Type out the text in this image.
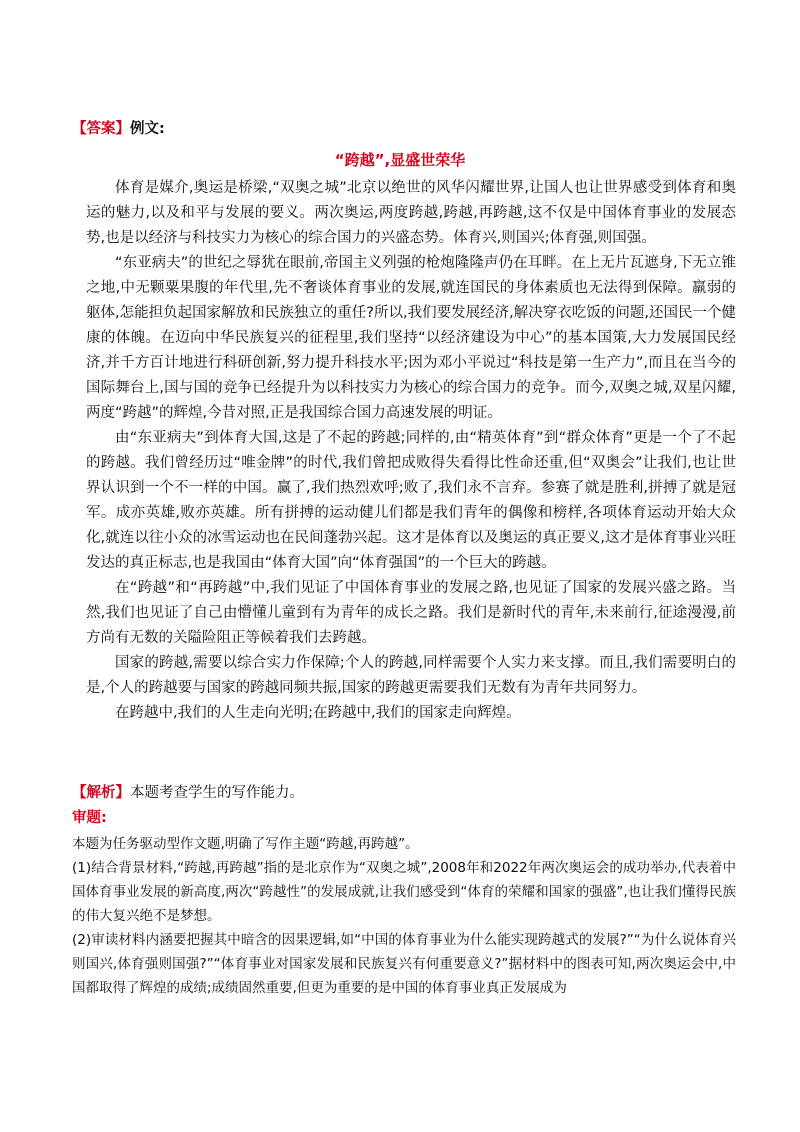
【答案】例文:
“跨越”,显盛世荣华

体育是媒介,奥运是桥梁,“双奥之城”北京以绝世的风华闪耀世界,让国人也让世界感受到体育和奥运的魅力,以及和平与发展的要义。两次奥运,两度跨越,跨越,再跨越,这不仅是中国体育事业的发展态势,也是以经济与科技实力为核心的综合国力的兴盛态势。体育兴,则国兴;体育强,则国强。

“东亚病夫”的世纪之辱犹在眼前,帝国主义列强的枪炮隆隆声仍在耳畔。在上无片瓦遮身,下无立锥之地,中无颗粟果腹的年代里,先不奢谈体育事业的发展,就连国民的身体素质也无法得到保障。羸弱的躯体,怎能担负起国家解放和民族独立的重任?所以,我们要发展经济,解决穿衣吃饭的问题,还国民一个健康的体魄。在迈向中华民族复兴的征程里,我们坚持“以经济建设为中心”的基本国策,大力发展国民经济,并千方百计地进行科研创新,努力提升科技水平;因为邓小平说过“科技是第一生产力”,而且在当今的国际舞台上,国与国的竞争已经提升为以科技实力为核心的综合国力的竞争。而今,双奥之城,双星闪耀,两度“跨越”的辉煌,今昔对照,正是我国综合国力高速发展的明证。

由“东亚病夫”到体育大国,这是了不起的跨越;同样的,由“精英体育”到“群众体育”更是一个了不起的跨越。我们曾经历过“唯金牌”的时代,我们曾把成败得失看得比性命还重,但“双奥会”让我们,也让世界认识到一个不一样的中国。赢了,我们热烈欢呼;败了,我们永不言弃。参赛了就是胜利,拼搏了就是冠军。成亦英雄,败亦英雄。所有拼搏的运动健儿们都是我们青年的偶像和榜样,各项体育运动开始大众化,就连以往小众的冰雪运动也在民间蓬勃兴起。这才是体育以及奥运的真正要义,这才是体育事业兴旺发达的真正标志,也是我国由“体育大国”向“体育强国”的一个巨大的跨越。

在“跨越”和“再跨越”中,我们见证了中国体育事业的发展之路,也见证了国家的发展兴盛之路。当然,我们也见证了自己由懵懂儿童到有为青年的成长之路。我们是新时代的青年,未来前行,征途漫漫,前方尚有无数的关隘险阻正等候着我们去跨越。

国家的跨越,需要以综合实力作保障;个人的跨越,同样需要个人实力来支撑。而且,我们需要明白的是,个人的跨越要与国家的跨越同频共振,国家的跨越更需要我们无数有为青年共同努力。

在跨越中,我们的人生走向光明;在跨越中,我们的国家走向辉煌。

【解析】本题考查学生的写作能力。
审题:

本题为任务驱动型作文题,明确了写作主题“跨越,再跨越”。

(1)结合背景材料,“跨越,再跨越”指的是北京作为“双奥之城”,2008年和2022年两次奥运会的成功举办,代表着中国体育事业发展的新高度,两次“跨越性”的发展成就,让我们感受到“体育的荣耀和国家的强盛”,也让我们懂得民族的伟大复兴绝不是梦想。

(2)审读材料内涵要把握其中暗含的因果逻辑,如“中国的体育事业为什么能实现跨越式的发展?”“为什么说体育兴则国兴,体育强则国强?”“体育事业对国家发展和民族复兴有何重要意义?”据材料中的图表可知,两次奥运会中,中国都取得了辉煌的成绩;成绩固然重要,但更为重要的是中国的体育事业真正发展成为
